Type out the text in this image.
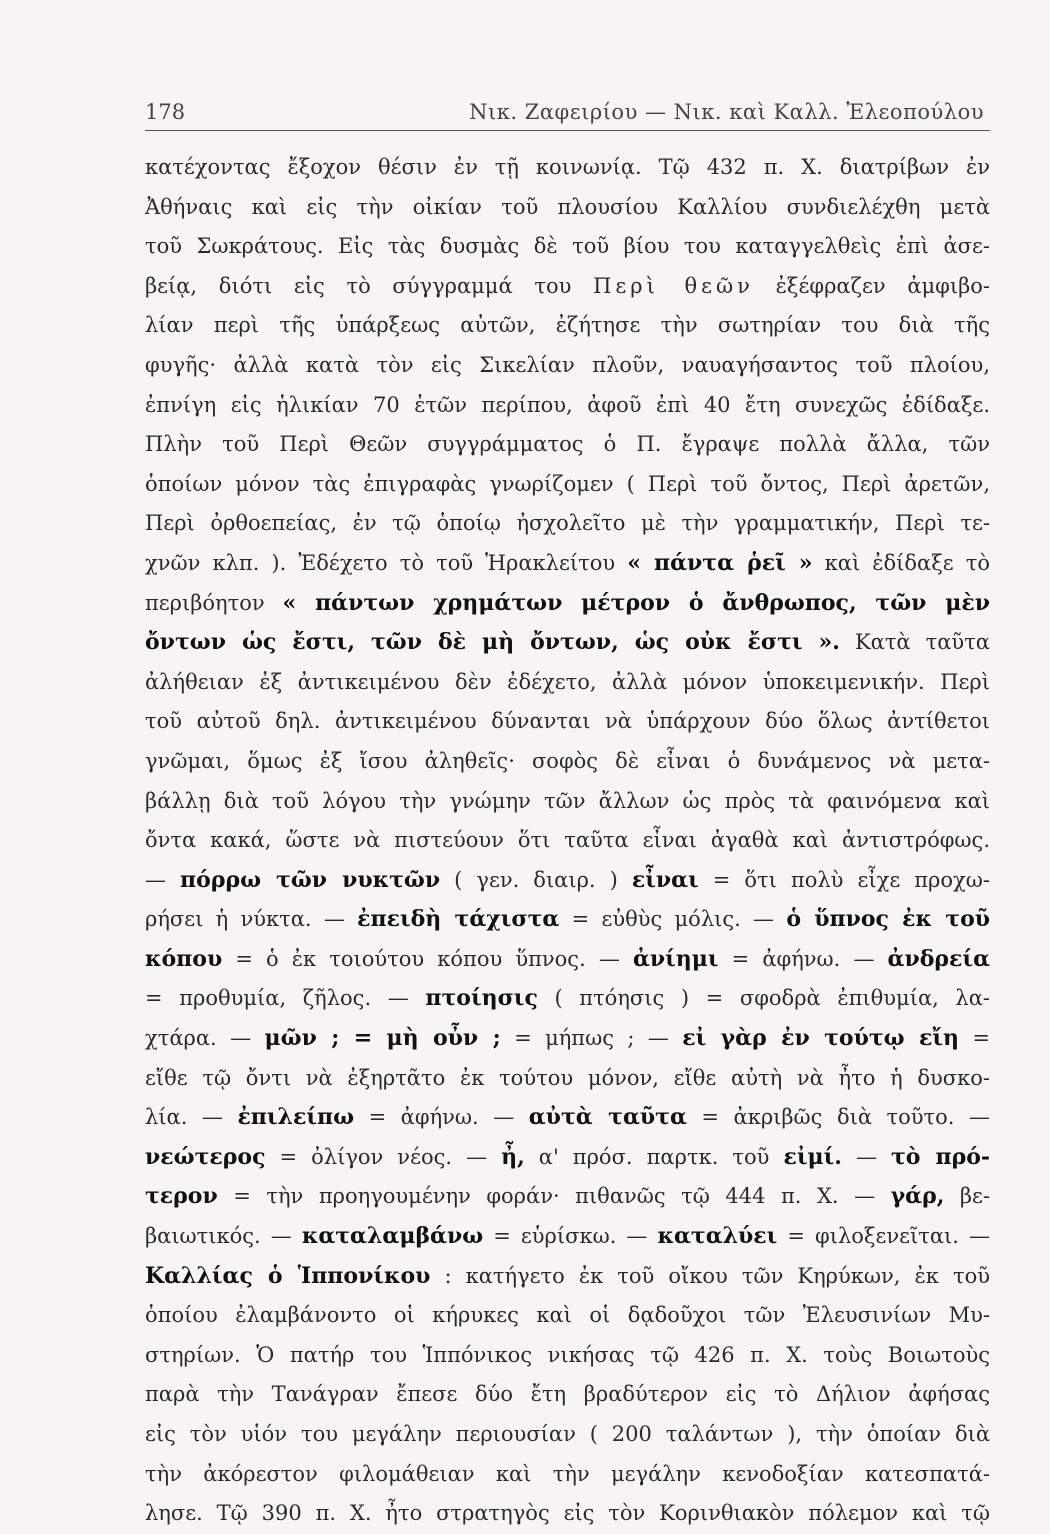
178	Νικ. Ζαφειρίου — Νικ. καὶ Καλλ. Ἐλεοπούλου
κατέχοντας ἔξοχον θέσιν ἐν τῇ κοινωνίᾳ. Τῷ 432 π. Χ. διατρίβων ἐν
Ἀθήναις καὶ εἰς τὴν οἰκίαν τοῦ πλουσίου Καλλίου συνδιελέχθη μετὰ
τοῦ Σωκράτους. Εἰς τὰς δυσμὰς δὲ τοῦ βίου του καταγγελθεὶς ἐπὶ ἀσε-
βείᾳ, διότι εἰς τὸ σύγγραμμά του Περὶ θεῶν ἐξέφραζεν ἀμφιβο-
λίαν περὶ τῆς ὑπάρξεως αὐτῶν, ἐζήτησε τὴν σωτηρίαν του διὰ τῆς
φυγῆς· ἀλλὰ κατὰ τὸν εἰς Σικελίαν πλοῦν, ναυαγήσαντος τοῦ πλοίου,
ἐπνίγη εἰς ἡλικίαν 70 ἐτῶν περίπου, ἀφοῦ ἐπὶ 40 ἔτη συνεχῶς ἐδίδαξε.
Πλὴν τοῦ Περὶ Θεῶν συγγράμματος ὁ Π. ἔγραψε πολλὰ ἄλλα, τῶν
ὁποίων μόνον τὰς ἐπιγραφὰς γνωρίζομεν ( Περὶ τοῦ ὄντος, Περὶ ἀρετῶν,
Περὶ ὀρθοεπείας, ἐν τῷ ὁποίῳ ἠσχολεῖτο μὲ τὴν γραμματικήν, Περὶ τε-
χνῶν κλπ. ). Ἐδέχετο τὸ τοῦ Ἡρακλείτου « πάντα ῥεῖ » καὶ ἐδίδαξε τὸ
περιβόητον « πάντων χρημάτων μέτρον ὁ ἄνθρωπος, τῶν μὲν
ὄντων ὡς ἔστι, τῶν δὲ μὴ ὄντων, ὡς οὐκ ἔστι ». Κατὰ ταῦτα
ἀλήθειαν ἐξ ἀντικειμένου δὲν ἐδέχετο, ἀλλὰ μόνον ὑποκειμενικήν. Περὶ
τοῦ αὐτοῦ δηλ. ἀντικειμένου δύνανται νὰ ὑπάρχουν δύο ὅλως ἀντίθετοι
γνῶμαι, ὅμως ἐξ ἴσου ἀληθεῖς· σοφὸς δὲ εἶναι ὁ δυνάμενος νὰ μετα-
βάλλῃ διὰ τοῦ λόγου τὴν γνώμην τῶν ἄλλων ὡς πρὸς τὰ φαινόμενα καὶ
ὄντα κακά, ὥστε νὰ πιστεύουν ὅτι ταῦτα εἶναι ἀγαθὰ καὶ ἀντιστρόφως.
— πόρρω τῶν νυκτῶν ( γεν. διαιρ. ) εἶναι = ὅτι πολὺ εἶχε προχω-
ρήσει ἡ νύκτα. — ἐπειδὴ τάχιστα = εὐθὺς μόλις. — ὁ ὕπνος ἐκ τοῦ
κόπου = ὁ ἐκ τοιούτου κόπου ὕπνος. — ἀνίημι = ἀφήνω. — ἀνδρεία
= προθυμία, ζῆλος. — πτοίησις ( πτόησις ) = σφοδρὰ ἐπιθυμία, λα-
χτάρα. — μῶν ; = μὴ οὖν ; = μήπως ; — εἰ γὰρ ἐν τούτῳ εἴη =
εἴθε τῷ ὄντι νὰ ἐξηρτᾶτο ἐκ τούτου μόνον, εἴθε αὐτὴ νὰ ἦτο ἡ δυσκο-
λία. — ἐπιλείπω = ἀφήνω. — αὐτὰ ταῦτα = ἀκριβῶς διὰ τοῦτο. —
νεώτερος = ὀλίγον νέος. — ἦ, α' πρόσ. παρτκ. τοῦ εἰμί. — τὸ πρό-
τερον = τὴν προηγουμένην φοράν· πιθανῶς τῷ 444 π. Χ. — γάρ, βε-
βαιωτικός. — καταλαμβάνω = εὑρίσκω. — καταλύει = φιλοξενεῖται. —
Καλλίας ὁ Ἱππονίκου : κατήγετο ἐκ τοῦ οἴκου τῶν Κηρύκων, ἐκ τοῦ
ὁποίου ἐλαμβάνοντο οἱ κήρυκες καὶ οἱ δᾳδοῦχοι τῶν Ἐλευσινίων Μυ-
στηρίων. Ὁ πατήρ του Ἱππόνικος νικήσας τῷ 426 π. Χ. τοὺς Βοιωτοὺς
παρὰ τὴν Τανάγραν ἔπεσε δύο ἔτη βραδύτερον εἰς τὸ Δήλιον ἀφήσας
εἰς τὸν υἱόν του μεγάλην περιουσίαν ( 200 ταλάντων ), τὴν ὁποίαν διὰ
τὴν ἀκόρεστον φιλομάθειαν καὶ τὴν μεγάλην κενοδοξίαν κατεσπατά-
λησε. Τῷ 390 π. Χ. ἦτο στρατηγὸς εἰς τὸν Κορινθιακὸν πόλεμον καὶ τῷ
